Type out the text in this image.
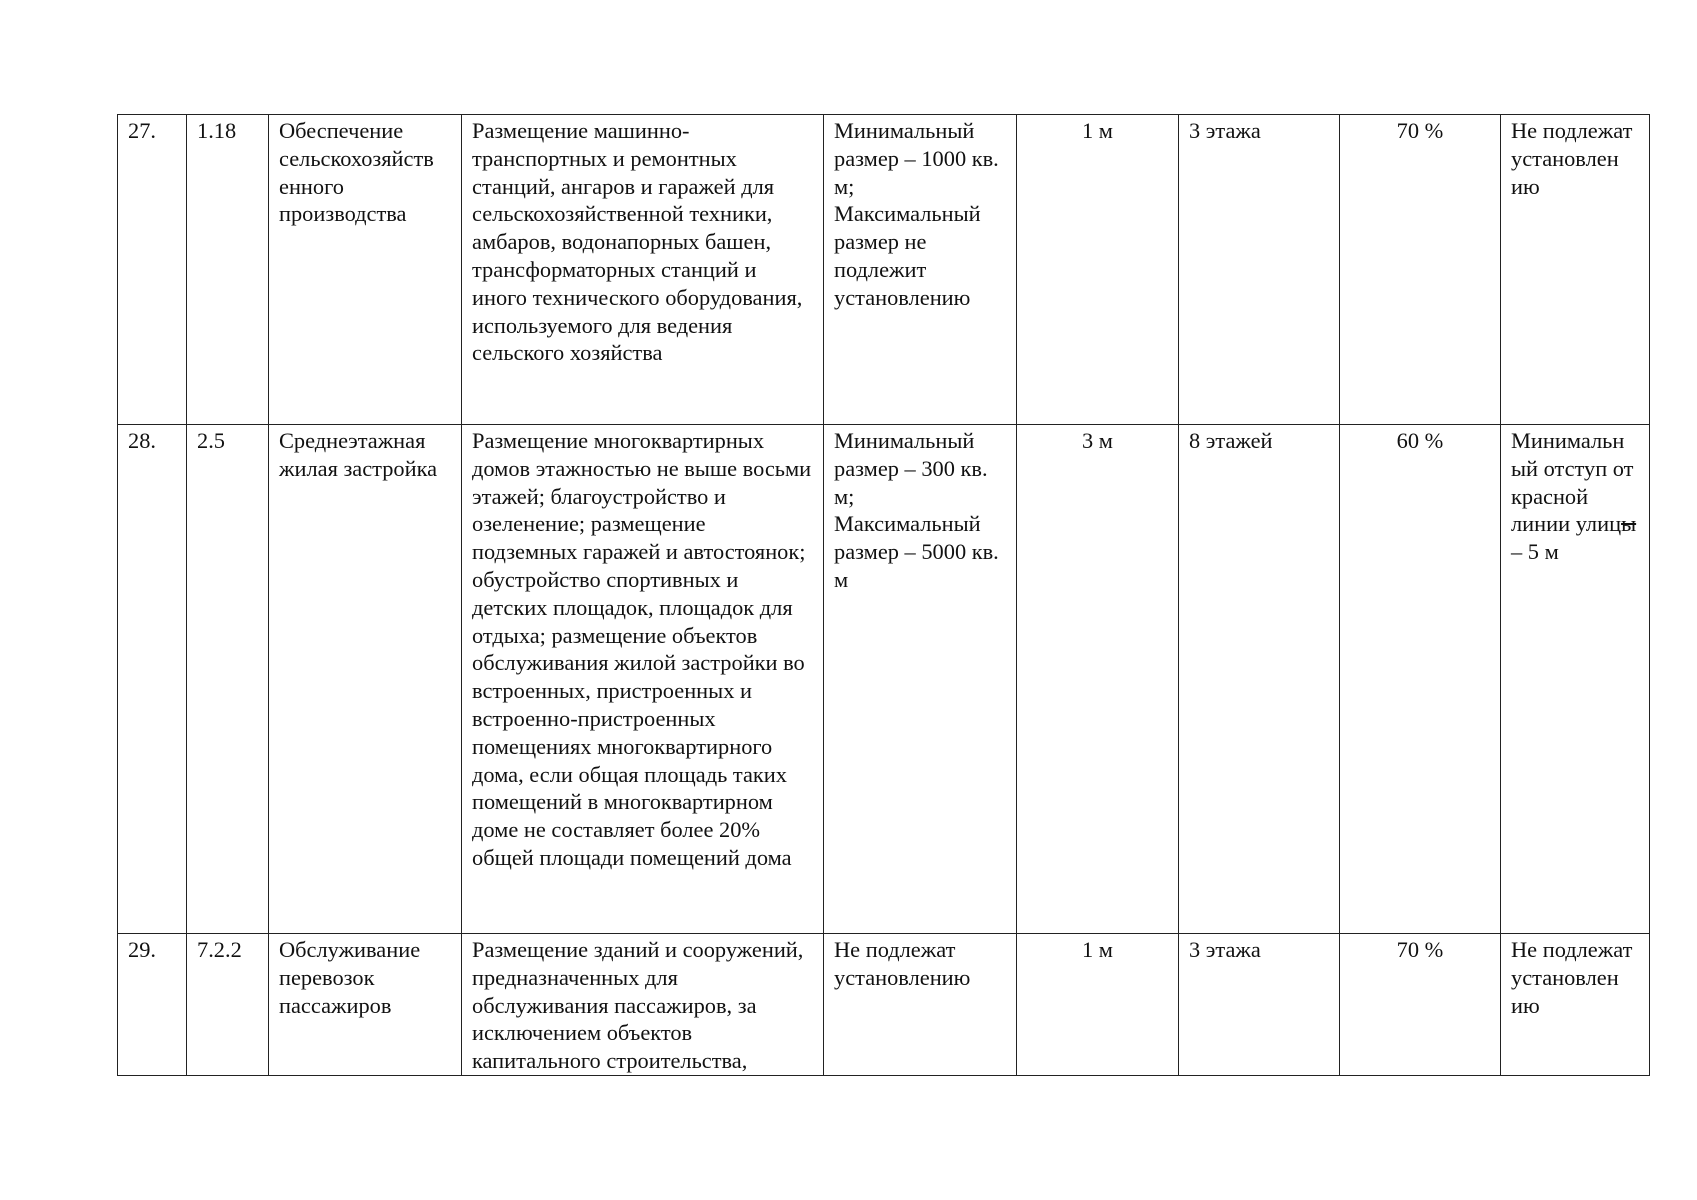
27.	1.18	Обеспечение сельскохозяйств енного производства	Размещение машинно-транспортных и ремонтных станций, ангаров и гаражей для сельскохозяйственной техники, амбаров, водонапорных башен, трансформаторных станций и иного технического оборудования, используемого для ведения сельского хозяйства	Минимальный размер – 1000 кв. м; Максимальный размер не подлежит установлению	1 м	3 этажа	70 %	Не подлежат установлен ию
28.	2.5	Среднеэтажная жилая застройка	Размещение многоквартирных домов этажностью не выше восьми этажей; благоустройство и озеленение; размещение подземных гаражей и автостоянок; обустройство спортивных и детских площадок, площадок для отдыха; размещение объектов обслуживания жилой застройки во встроенных, пристроенных и встроенно-пристроенных помещениях многоквартирного дома, если общая площадь таких помещений в многоквартирном доме не составляет более 20% общей площади помещений дома	Минимальный размер – 300 кв. м; Максимальный размер – 5000 кв. м	3 м	8 этажей	60 %	Минимальн ый отступ от красной линии улицы – 5 м
29.	7.2.2	Обслуживание перевозок пассажиров	Размещение зданий и сооружений, предназначенных для обслуживания пассажиров, за исключением объектов капитального строительства,	Не подлежат установлению	1 м	3 этажа	70 %	Не подлежат установлен ию
